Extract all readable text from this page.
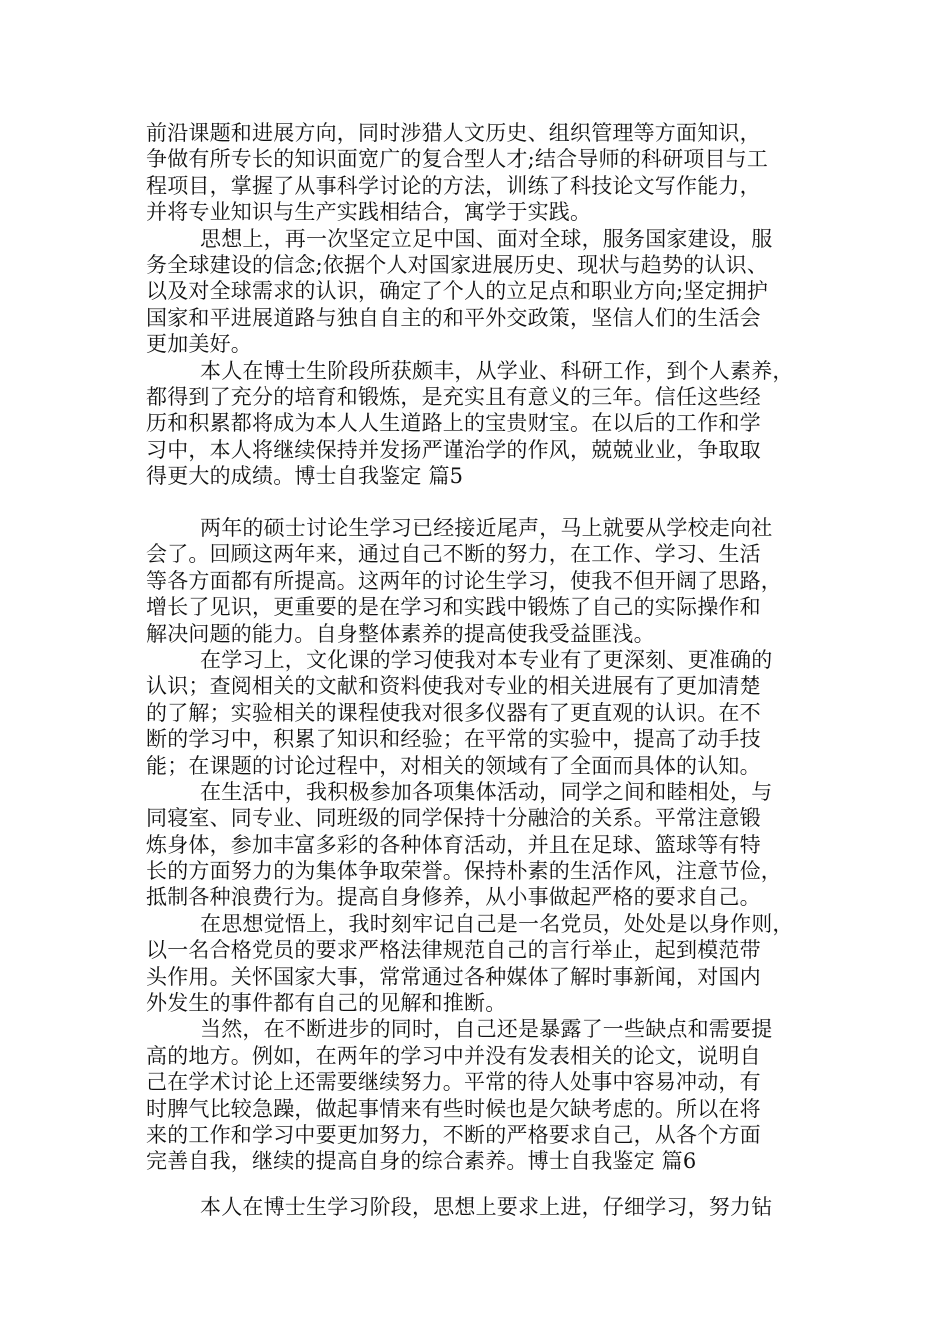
前沿课题和进展方向，同时涉猎人文历史、组织管理等方面知识，
争做有所专长的知识面宽广的复合型人才;结合导师的科研项目与工
程项目，掌握了从事科学讨论的方法，训练了科技论文写作能力，
并将专业知识与生产实践相结合，寓学于实践。
思想上，再一次坚定立足中国、面对全球，服务国家建设，服
务全球建设的信念;依据个人对国家进展历史、现状与趋势的认识、
以及对全球需求的认识，确定了个人的立足点和职业方向;坚定拥护
国家和平进展道路与独自自主的和平外交政策，坚信人们的生活会
更加美好。
本人在博士生阶段所获颇丰，从学业、科研工作，到个人素养，
都得到了充分的培育和锻炼，是充实且有意义的三年。信任这些经
历和积累都将成为本人人生道路上的宝贵财宝。在以后的工作和学
习中，本人将继续保持并发扬严谨治学的作风，兢兢业业，争取取
得更大的成绩。博士自我鉴定 篇5
两年的硕士讨论生学习已经接近尾声，马上就要从学校走向社
会了。回顾这两年来，通过自己不断的努力，在工作、学习、生活
等各方面都有所提高。这两年的讨论生学习，使我不但开阔了思路，
增长了见识，更重要的是在学习和实践中锻炼了自己的实际操作和
解决问题的能力。自身整体素养的提高使我受益匪浅。
在学习上，文化课的学习使我对本专业有了更深刻、更准确的
认识；查阅相关的文献和资料使我对专业的相关进展有了更加清楚
的了解；实验相关的课程使我对很多仪器有了更直观的认识。在不
断的学习中，积累了知识和经验；在平常的实验中，提高了动手技
能；在课题的讨论过程中，对相关的领域有了全面而具体的认知。
在生活中，我积极参加各项集体活动，同学之间和睦相处，与
同寝室、同专业、同班级的同学保持十分融洽的关系。平常注意锻
炼身体，参加丰富多彩的各种体育活动，并且在足球、篮球等有特
长的方面努力的为集体争取荣誉。保持朴素的生活作风，注意节俭，
抵制各种浪费行为。提高自身修养，从小事做起严格的要求自己。
在思想觉悟上，我时刻牢记自己是一名党员，处处是以身作则，
以一名合格党员的要求严格法律规范自己的言行举止，起到模范带
头作用。关怀国家大事，常常通过各种媒体了解时事新闻，对国内
外发生的事件都有自己的见解和推断。
当然，在不断进步的同时，自己还是暴露了一些缺点和需要提
高的地方。例如，在两年的学习中并没有发表相关的论文，说明自
己在学术讨论上还需要继续努力。平常的待人处事中容易冲动，有
时脾气比较急躁，做起事情来有些时候也是欠缺考虑的。所以在将
来的工作和学习中要更加努力，不断的严格要求自己，从各个方面
完善自我，继续的提高自身的综合素养。博士自我鉴定 篇6
本人在博士生学习阶段，思想上要求上进，仔细学习，努力钻
